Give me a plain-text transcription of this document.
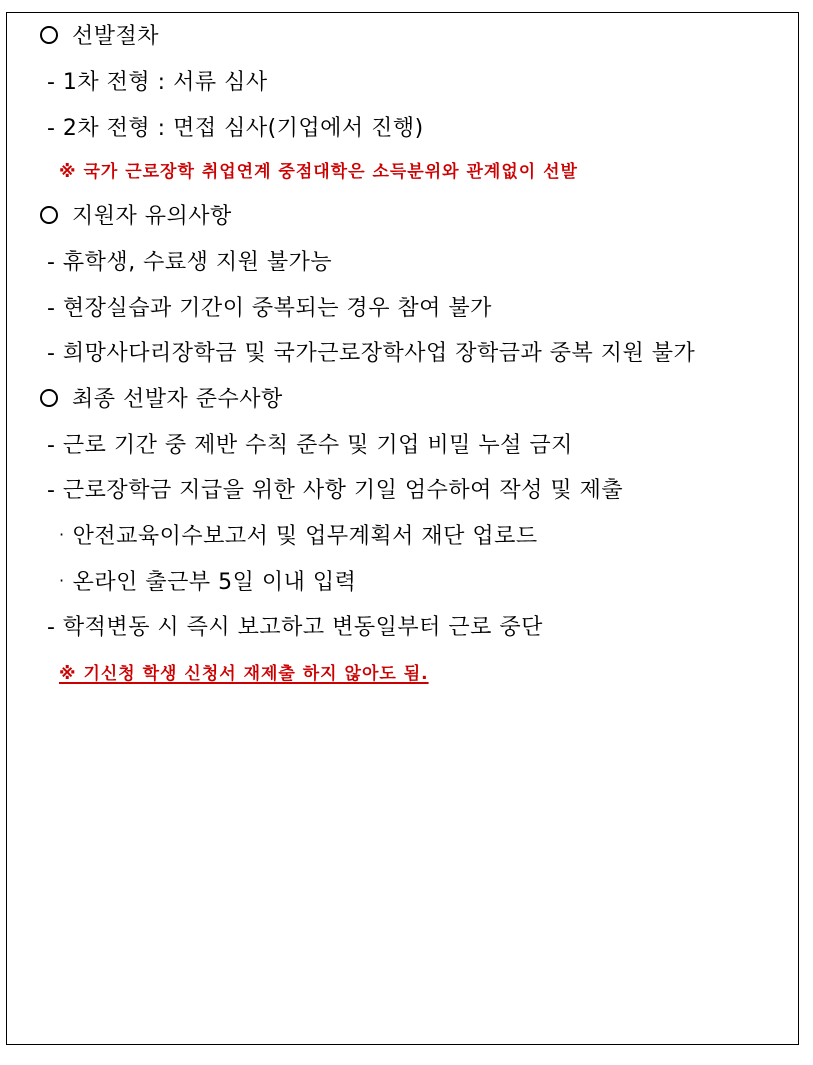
선발절차
- 1차 전형 : 서류 심사
- 2차 전형 : 면접 심사(기업에서 진행)
※ 국가 근로장학 취업연계 중점대학은 소득분위와 관계없이 선발
지원자 유의사항
- 휴학생, 수료생 지원 불가능
- 현장실습과 기간이 중복되는 경우 참여 불가
- 희망사다리장학금 및 국가근로장학사업 장학금과 중복 지원 불가
최종 선발자 준수사항
- 근로 기간 중 제반 수칙 준수 및 기업 비밀 누설 금지
- 근로장학금 지급을 위한 사항 기일 엄수하여 작성 및 제출
· 안전교육이수보고서 및 업무계획서 재단 업로드
· 온라인 출근부 5일 이내 입력
- 학적변동 시 즉시 보고하고 변동일부터 근로 중단
※ 기신청 학생 신청서 재제출 하지 않아도 됨.
